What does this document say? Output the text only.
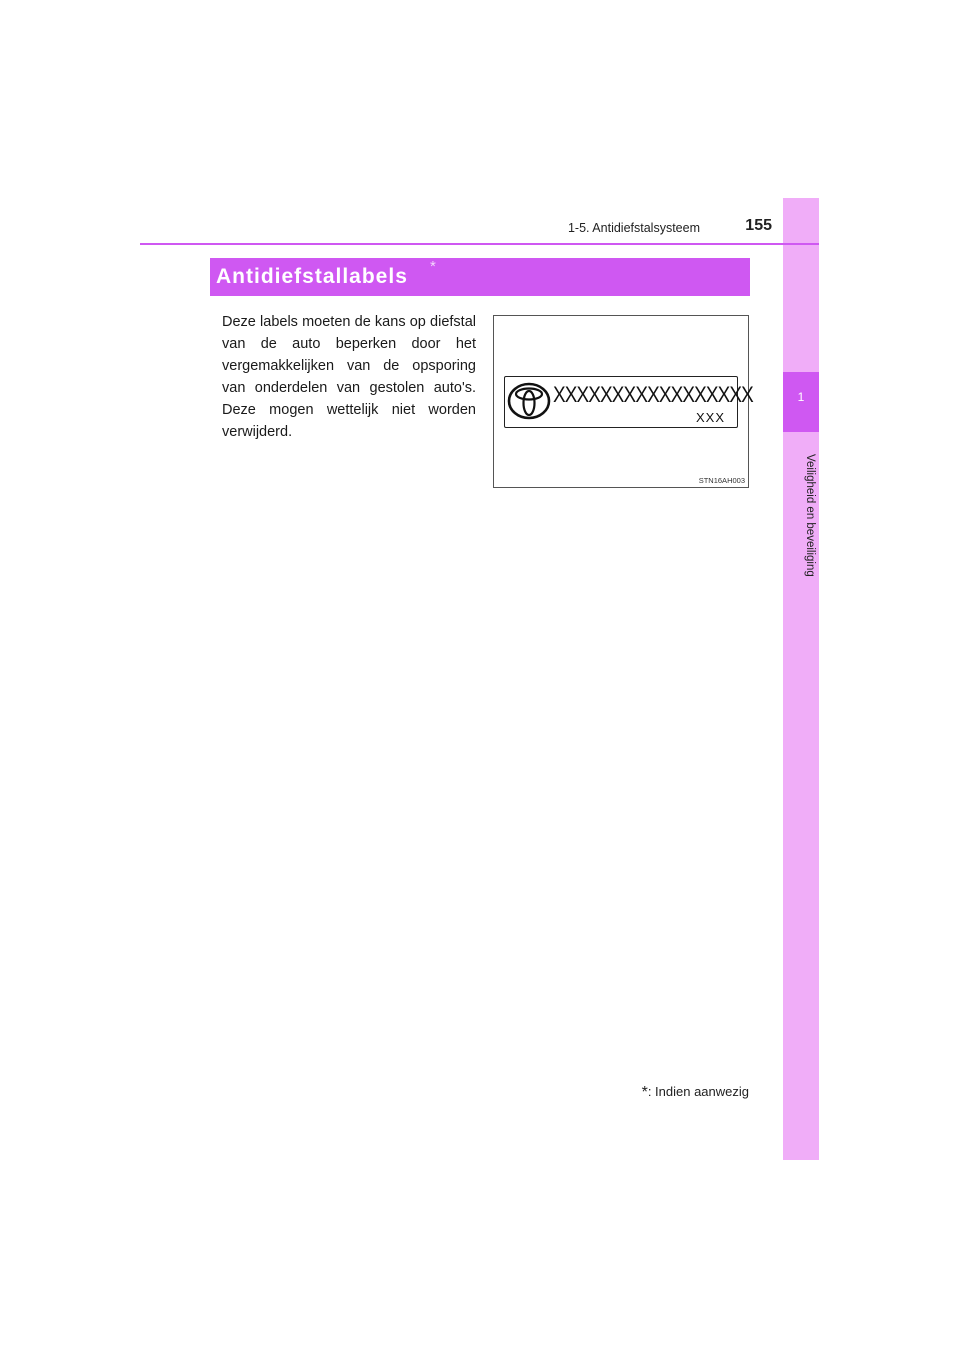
1
Veiligheid en beveiliging
1-5. Antidiefstalsysteem	155
Antidiefstallabels *
Deze labels moeten de kans op diefstal van de auto beperken door het vergemakkelijken van de opsporing van onderdelen van gestolen auto's. Deze mogen wettelijk niet worden verwijderd.
XXXXXXXXXXXXXXXXX
XXX
STN16AH003
*: Indien aanwezig
